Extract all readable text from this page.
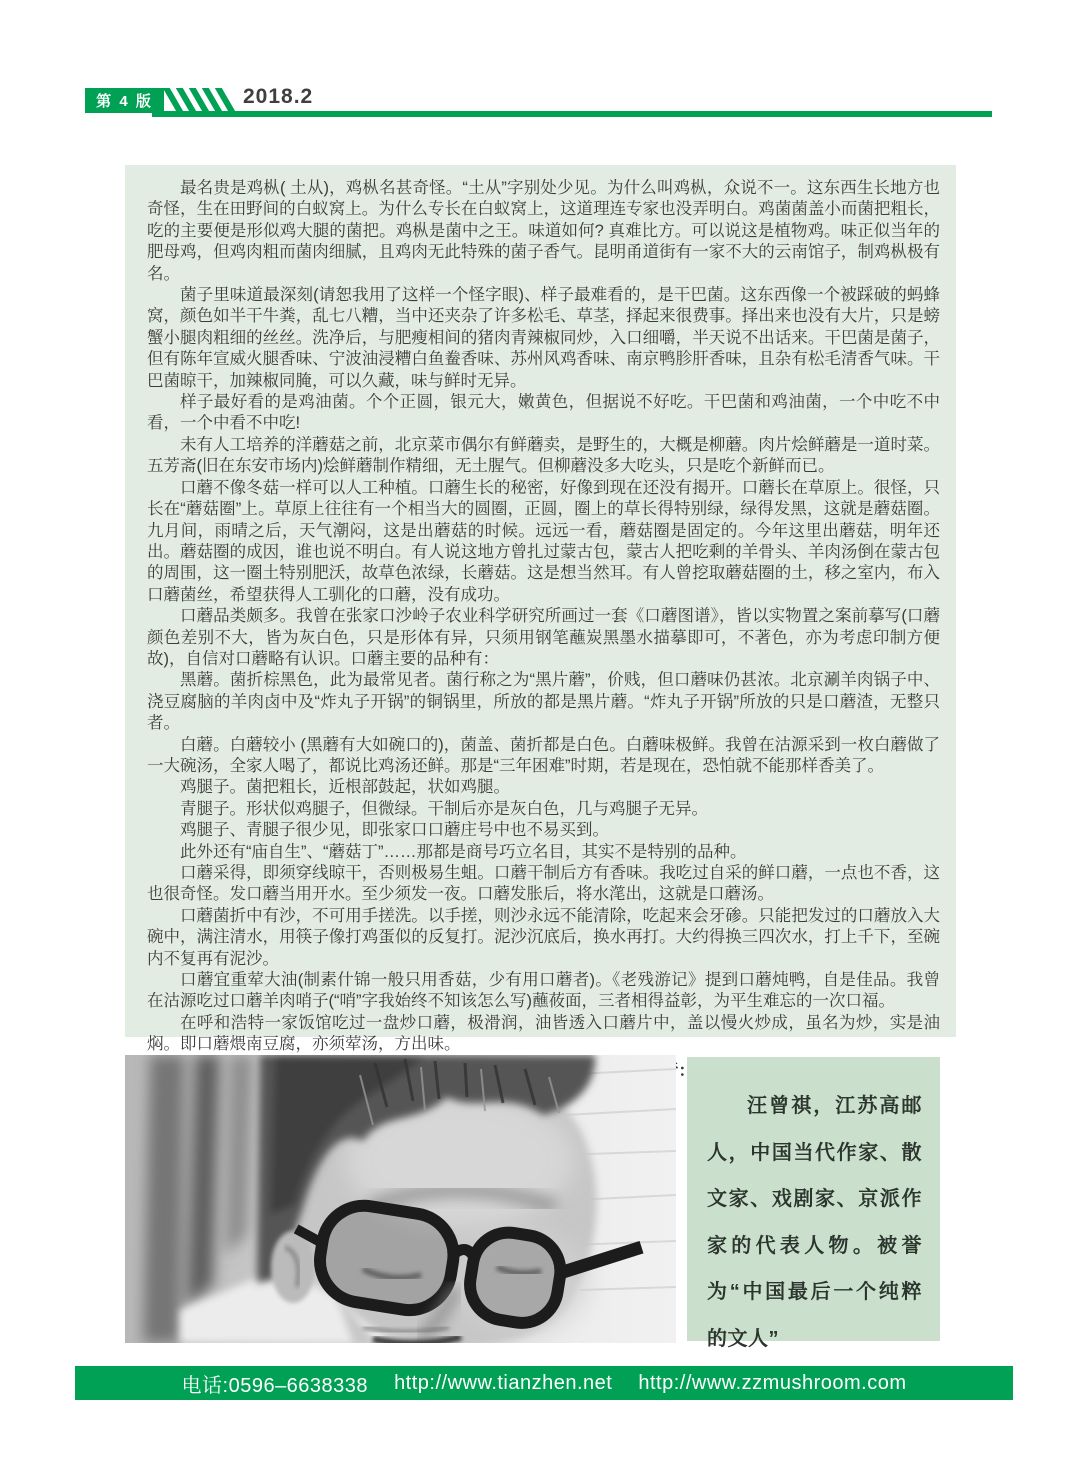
第 4 版	2018.2

最名贵是鸡枞( 土从)，鸡枞名甚奇怪。“土从”字别处少见。为什么叫鸡枞，众说不一。这东西生长地方也奇怪，生在田野间的白蚁窝上。为什么专长在白蚁窝上，这道理连专家也没弄明白。鸡菌菌盖小而菌把粗长，吃的主要便是形似鸡大腿的菌把。鸡枞是菌中之王。味道如何? 真难比方。可以说这是植物鸡。味正似当年的肥母鸡，但鸡肉粗而菌肉细腻，且鸡肉无此特殊的菌子香气。昆明甬道街有一家不大的云南馆子，制鸡枞极有名。

菌子里味道最深刻(请恕我用了这样一个怪字眼)、样子最难看的，是干巴菌。这东西像一个被踩破的蚂蜂窝，颜色如半干牛粪，乱七八糟，当中还夹杂了许多松毛、草茎，择起来很费事。择出来也没有大片，只是螃蟹小腿肉粗细的丝丝。洗净后，与肥瘦相间的猪肉青辣椒同炒，入口细嚼，半天说不出话来。干巴菌是菌子，但有陈年宣威火腿香味、宁波油浸糟白鱼鲞香味、苏州风鸡香味、南京鸭胗肝香味，且杂有松毛清香气味。干巴菌晾干，加辣椒同腌，可以久藏，味与鲜时无异。

样子最好看的是鸡油菌。个个正圆，银元大，嫩黄色，但据说不好吃。干巴菌和鸡油菌，一个中吃不中看，一个中看不中吃!

未有人工培养的洋蘑菇之前，北京菜市偶尔有鲜蘑卖，是野生的，大概是柳蘑。肉片烩鲜蘑是一道时菜。五芳斋(旧在东安市场内)烩鲜蘑制作精细，无土腥气。但柳蘑没多大吃头，只是吃个新鲜而已。

口蘑不像冬菇一样可以人工种植。口蘑生长的秘密，好像到现在还没有揭开。口蘑长在草原上。很怪，只长在“蘑菇圈”上。草原上往往有一个相当大的圆圈，正圆，圈上的草长得特别绿，绿得发黑，这就是蘑菇圈。九月间，雨晴之后，天气潮闷，这是出蘑菇的时候。远远一看，蘑菇圈是固定的。今年这里出蘑菇，明年还出。蘑菇圈的成因，谁也说不明白。有人说这地方曾扎过蒙古包，蒙古人把吃剩的羊骨头、羊肉汤倒在蒙古包的周围，这一圈土特别肥沃，故草色浓绿，长蘑菇。这是想当然耳。有人曾挖取蘑菇圈的土，移之室内，布入口蘑菌丝，希望获得人工驯化的口蘑，没有成功。

口蘑品类颇多。我曾在张家口沙岭子农业科学研究所画过一套《口蘑图谱》，皆以实物置之案前摹写(口蘑颜色差别不大，皆为灰白色，只是形体有异，只须用钢笔蘸炭黑墨水描摹即可，不著色，亦为考虑印制方便故)，自信对口蘑略有认识。口蘑主要的品种有：

黑蘑。菌折棕黑色，此为最常见者。菌行称之为“黑片蘑”，价贱，但口蘑味仍甚浓。北京涮羊肉锅子中、浇豆腐脑的羊肉卤中及“炸丸子开锅”的铜锅里，所放的都是黑片蘑。“炸丸子开锅”所放的只是口蘑渣，无整只者。

白蘑。白蘑较小 (黑蘑有大如碗口的)，菌盖、菌折都是白色。白蘑味极鲜。我曾在沽源采到一枚白蘑做了一大碗汤，全家人喝了，都说比鸡汤还鲜。那是“三年困难”时期，若是现在，恐怕就不能那样香美了。

鸡腿子。菌把粗长，近根部鼓起，状如鸡腿。

青腿子。形状似鸡腿子，但微绿。干制后亦是灰白色，几与鸡腿子无异。

鸡腿子、青腿子很少见，即张家口口蘑庄号中也不易买到。

此外还有“庙自生”、“蘑菇丁”……那都是商号巧立名目，其实不是特别的品种。

口蘑采得，即须穿线晾干，否则极易生蛆。口蘑干制后方有香味。我吃过自采的鲜口蘑，一点也不香，这也很奇怪。发口蘑当用开水。至少须发一夜。口蘑发胀后，将水滗出，这就是口蘑汤。

口蘑菌折中有沙，不可用手搓洗。以手搓，则沙永远不能清除，吃起来会牙碜。只能把发过的口蘑放入大碗中，满注清水，用筷子像打鸡蛋似的反复打。泥沙沉底后，换水再打。大约得换三四次水，打上千下，至碗内不复再有泥沙。

口蘑宜重荤大油(制素什锦一般只用香菇，少有用口蘑者)。《老残游记》提到口蘑炖鸭，自是佳品。我曾在沽源吃过口蘑羊肉哨子(“哨”字我始终不知该怎么写)蘸莜面，三者相得益彰，为平生难忘的一次口福。

在呼和浩特一家饭馆吃过一盘炒口蘑，极滑润，油皆透入口蘑片中，盖以慢火炒成，虽名为炒，实是油焖。即口蘑煨南豆腐，亦须荤汤，方出味。

汪曾祺，江苏高邮人，中国当代作家、散文家、戏剧家、京派作家的代表人物。被誉为“中国最后一个纯粹的文人”

电话:0596–6638338 http://www.tianzhen.net http://www.zzmushroom.com
